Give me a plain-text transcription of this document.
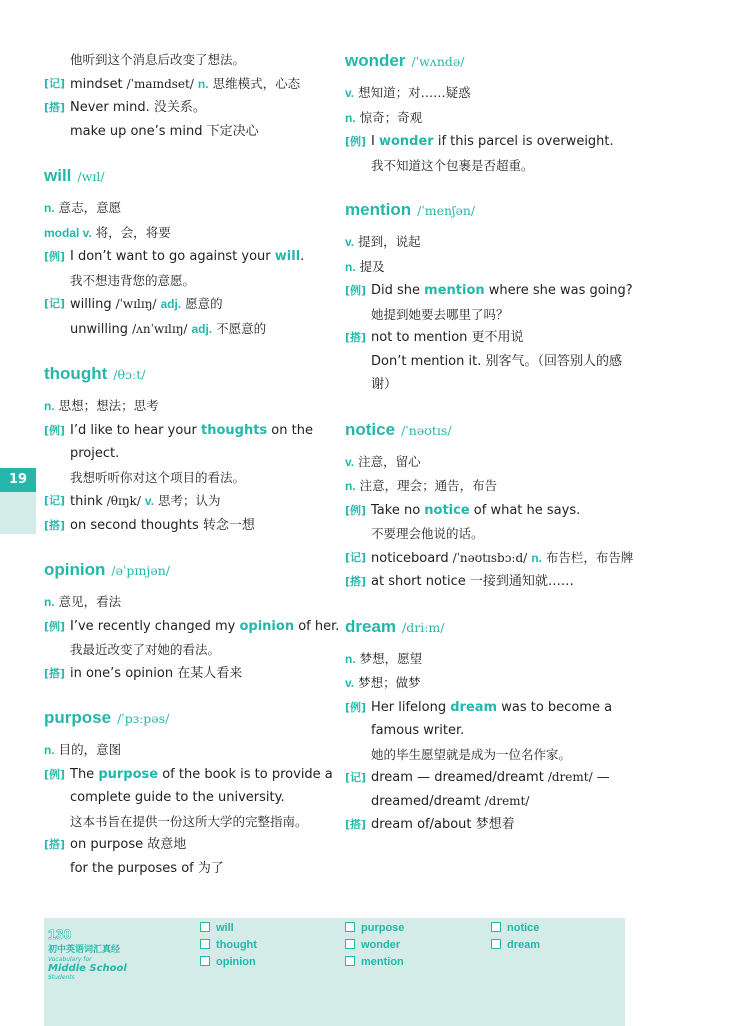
他听到这个消息后改变了想法。
[记] mindset /ˈmaɪndset/ n. 思维模式，心态
[搭] Never mind. 没关系。
make up one’s mind 下定决心
will /wɪl/
n. 意志，意愿
modal v. 将，会，将要
[例] I don’t want to go against your will.
我不想违背您的意愿。
[记] willing /ˈwɪlɪŋ/ adj. 愿意的
unwilling /ʌnˈwɪlɪŋ/ adj. 不愿意的
thought /θɔːt/
n. 思想；想法；思考
[例] I’d like to hear your thoughts on the
project.
我想听听你对这个项目的看法。
[记] think /θɪŋk/ v. 思考；认为
[搭] on second thoughts 转念一想
opinion /əˈpɪnjən/
n. 意见，看法
[例] I’ve recently changed my opinion of her.
我最近改变了对她的看法。
[搭] in one’s opinion 在某人看来
purpose /ˈpɜːpəs/
n. 目的，意图
[例] The purpose of the book is to provide a
complete guide to the university.
这本书旨在提供一份这所大学的完整指南。
[搭] on purpose 故意地
for the purposes of 为了
wonder /ˈwʌndə/
v. 想知道；对……疑惑
n. 惊奇；奇观
[例] I wonder if this parcel is overweight.
我不知道这个包裹是否超重。
mention /ˈmenʃən/
v. 提到，说起
n. 提及
[例] Did she mention where she was going?
她提到她要去哪里了吗？
[搭] not to mention 更不用说
Don’t mention it. 别客气。（回答别人的感谢）
notice /ˈnəʊtɪs/
v. 注意，留心
n. 注意，理会；通告，布告
[例] Take no notice of what he says.
不要理会他说的话。
[记] noticeboard /ˈnəʊtɪsbɔːd/ n. 布告栏，布告牌
[搭] at short notice 一接到通知就……
dream /driːm/
n. 梦想，愿望
v. 梦想；做梦
[例] Her lifelong dream was to become a
famous writer.
她的毕生愿望就是成为一位名作家。
[记] dream — dreamed/dreamt /dremt/ —
dreamed/dreamt /dremt/
[搭] dream of/about 梦想着
19
130
初中英语词汇真经
Vocabulary for
Middle School
Students
will
thought
opinion
purpose
wonder
mention
notice
dream
